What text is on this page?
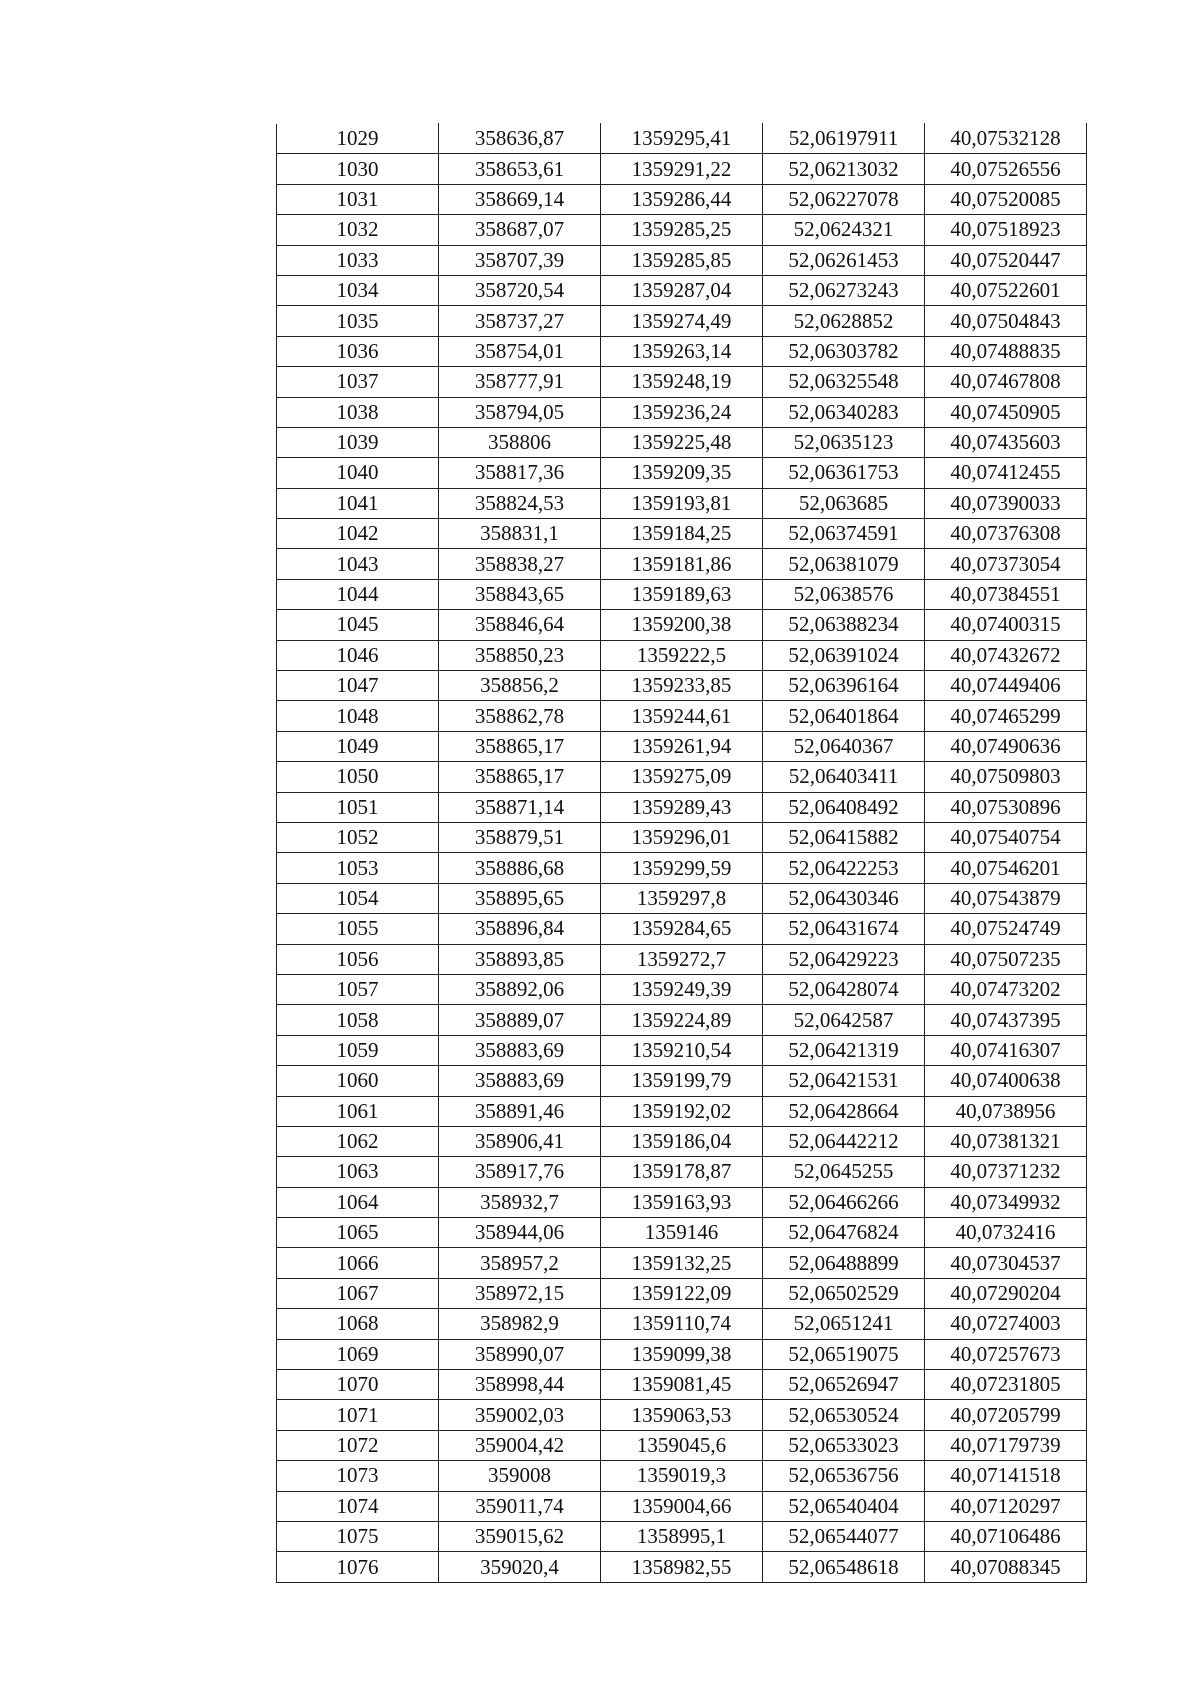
1029	358636,87	1359295,41	52,06197911	40,07532128
1030	358653,61	1359291,22	52,06213032	40,07526556
1031	358669,14	1359286,44	52,06227078	40,07520085
1032	358687,07	1359285,25	52,0624321	40,07518923
1033	358707,39	1359285,85	52,06261453	40,07520447
1034	358720,54	1359287,04	52,06273243	40,07522601
1035	358737,27	1359274,49	52,0628852	40,07504843
1036	358754,01	1359263,14	52,06303782	40,07488835
1037	358777,91	1359248,19	52,06325548	40,07467808
1038	358794,05	1359236,24	52,06340283	40,07450905
1039	358806	1359225,48	52,0635123	40,07435603
1040	358817,36	1359209,35	52,06361753	40,07412455
1041	358824,53	1359193,81	52,063685	40,07390033
1042	358831,1	1359184,25	52,06374591	40,07376308
1043	358838,27	1359181,86	52,06381079	40,07373054
1044	358843,65	1359189,63	52,0638576	40,07384551
1045	358846,64	1359200,38	52,06388234	40,07400315
1046	358850,23	1359222,5	52,06391024	40,07432672
1047	358856,2	1359233,85	52,06396164	40,07449406
1048	358862,78	1359244,61	52,06401864	40,07465299
1049	358865,17	1359261,94	52,0640367	40,07490636
1050	358865,17	1359275,09	52,06403411	40,07509803
1051	358871,14	1359289,43	52,06408492	40,07530896
1052	358879,51	1359296,01	52,06415882	40,07540754
1053	358886,68	1359299,59	52,06422253	40,07546201
1054	358895,65	1359297,8	52,06430346	40,07543879
1055	358896,84	1359284,65	52,06431674	40,07524749
1056	358893,85	1359272,7	52,06429223	40,07507235
1057	358892,06	1359249,39	52,06428074	40,07473202
1058	358889,07	1359224,89	52,0642587	40,07437395
1059	358883,69	1359210,54	52,06421319	40,07416307
1060	358883,69	1359199,79	52,06421531	40,07400638
1061	358891,46	1359192,02	52,06428664	40,0738956
1062	358906,41	1359186,04	52,06442212	40,07381321
1063	358917,76	1359178,87	52,0645255	40,07371232
1064	358932,7	1359163,93	52,06466266	40,07349932
1065	358944,06	1359146	52,06476824	40,0732416
1066	358957,2	1359132,25	52,06488899	40,07304537
1067	358972,15	1359122,09	52,06502529	40,07290204
1068	358982,9	1359110,74	52,0651241	40,07274003
1069	358990,07	1359099,38	52,06519075	40,07257673
1070	358998,44	1359081,45	52,06526947	40,07231805
1071	359002,03	1359063,53	52,06530524	40,07205799
1072	359004,42	1359045,6	52,06533023	40,07179739
1073	359008	1359019,3	52,06536756	40,07141518
1074	359011,74	1359004,66	52,06540404	40,07120297
1075	359015,62	1358995,1	52,06544077	40,07106486
1076	359020,4	1358982,55	52,06548618	40,07088345
